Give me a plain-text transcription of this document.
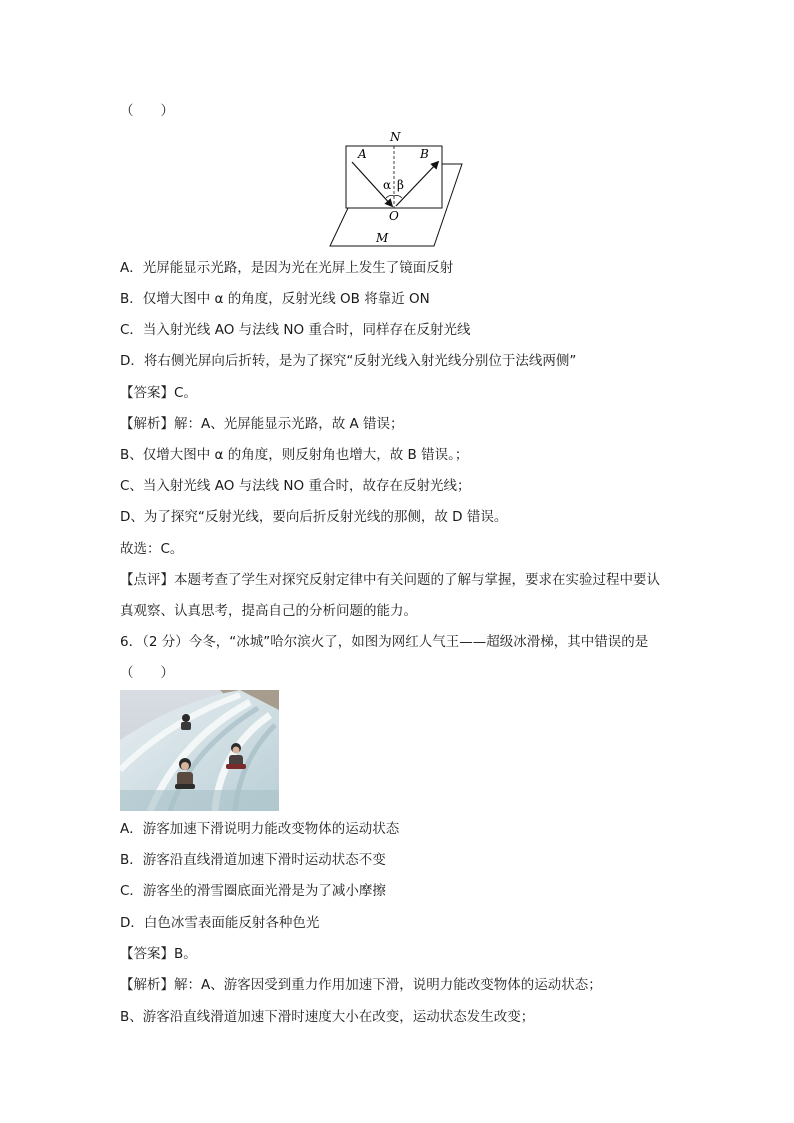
（　　）
N
A	B
α β
O
M
A．光屏能显示光路，是因为光在光屏上发生了镜面反射
B．仅增大图中 α 的角度，反射光线 OB 将靠近 ON
C．当入射光线 AO 与法线 NO 重合时，同样存在反射光线
D．将右侧光屏向后折转，是为了探究“反射光线入射光线分别位于法线两侧”
【答案】C。
【解析】解：A、光屏能显示光路，故 A 错误；
B、仅增大图中 α 的角度，则反射角也增大，故 B 错误。；
C、当入射光线 AO 与法线 NO 重合时，故存在反射光线；
D、为了探究“反射光线，要向后折反射光线的那侧，故 D 错误。
故选：C。
【点评】本题考查了学生对探究反射定律中有关问题的了解与掌握，要求在实验过程中要认
真观察、认真思考，提高自己的分析问题的能力。
6．（2 分）今冬，“冰城”哈尔滨火了，如图为网红人气王——超级冰滑梯，其中错误的是
（　　）
A．游客加速下滑说明力能改变物体的运动状态
B．游客沿直线滑道加速下滑时运动状态不变
C．游客坐的滑雪圈底面光滑是为了减小摩擦
D．白色冰雪表面能反射各种色光
【答案】B。
【解析】解：A、游客因受到重力作用加速下滑，说明力能改变物体的运动状态；
B、游客沿直线滑道加速下滑时速度大小在改变，运动状态发生改变；
